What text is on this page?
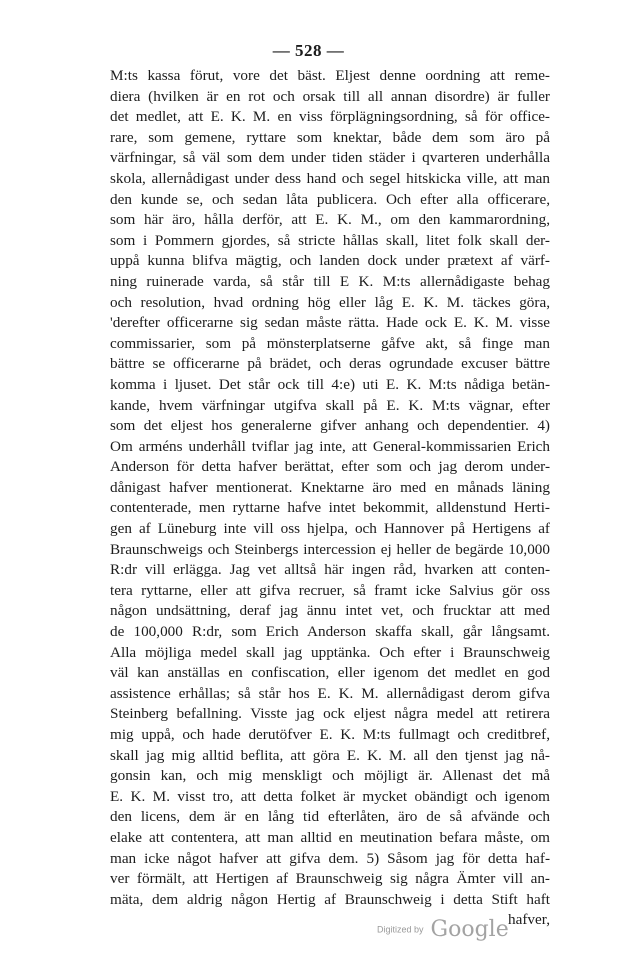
— 528 —
M:ts kassa förut, vore det bäst. Eljest denne oordning att reme-
diera (hvilken är en rot och orsak till all annan disordre) är fuller
det medlet, att E. K. M. en viss förplägningsordning, så för officе-
rare, som gemene, ryttare som knektar, både dem som äro på
värfningar, så väl som dem under tiden städer i qvarteren underhålla
skola, allernådigast under dess hand och segel hitskicka ville, att man
den kunde se, och sedan låta publicera. Och efter alla officerare,
som här äro, hålla derför, att E. K. M., om den kammarordning,
som i Pommern gjordes, så stricte hållas skall, litet folk skall der-
uppå kunna blifva mägtig, och landen dock under prætext af värf-
ning ruinerade varda, så står till E K. M:ts allernådigaste behag
och resolution, hvad ordning hög eller låg E. K. M. täckes göra,
'derefter officerarne sig sedan måste rätta. Hade ock E. K. M. visse
commissarier, som på mönsterplatserne gåfve akt, så finge man
bättre se officerarne på brädet, och deras ogrundade excuser bättre
komma i ljuset. Det står ock till 4:e) uti E. K. M:ts nådiga betän-
kande, hvem värfningar utgifva skall på E. K. M:ts vägnar, efter
som det eljest hos generalerne gifver anhang och dependentier. 4)
Om arméns underhåll tviflar jag inte, att General-kommissarien Erich
Anderson för detta hafver berättat, efter som och jag derom under-
dånigast hafver mentionerat. Knektarne äro med en månads läning
contenterade, men ryttarne hafve intet bekommit, alldenstund Herti-
gen af Lüneburg inte vill oss hjelpa, och Hannover på Hertigens af
Braunschweigs och Steinbergs intercession ej heller de begärde 10,000
R:dr vill erlägga. Jag vet alltså här ingen råd, hvarken att conten-
tera ryttarne, eller att gifva recruer, så framt icke Salvius gör oss
någon undsättning, deraf jag ännu intet vet, och frucktar att med
de 100,000 R:dr, som Erich Anderson skaffa skall, går långsamt.
Alla möjliga medel skall jag upptänka. Och efter i Braunschweig
väl kan anställas en confiscation, eller igenom det medlet en god
assistence erhållas; så står hos E. K. M. allernådigast derom gifva
Steinberg befallning. Visste jag ock eljest några medel att retirera
mig uppå, och hade derutöfver E. K. M:ts fullmagt och creditbref,
skall jag mig alltid beflita, att göra E. K. M. all den tjenst jag nå-
gonsin kan, och mig menskligt och möjligt är. Allenast det må
E. K. M. visst tro, att detta folket är mycket obändigt och igenom
den licens, dem är en lång tid efterlåten, äro de så afvände och
elake att contentera, att man alltid en meutination befara måste, om
man icke något hafver att gifva dem. 5) Såsom jag för detta haf-
ver förmält, att Hertigen af Braunschweig sig några Ämter vill an-
mäta, dem aldrig någon Hertig af Braunschweig i detta Stift haft
hafver,
Digitized by Google
